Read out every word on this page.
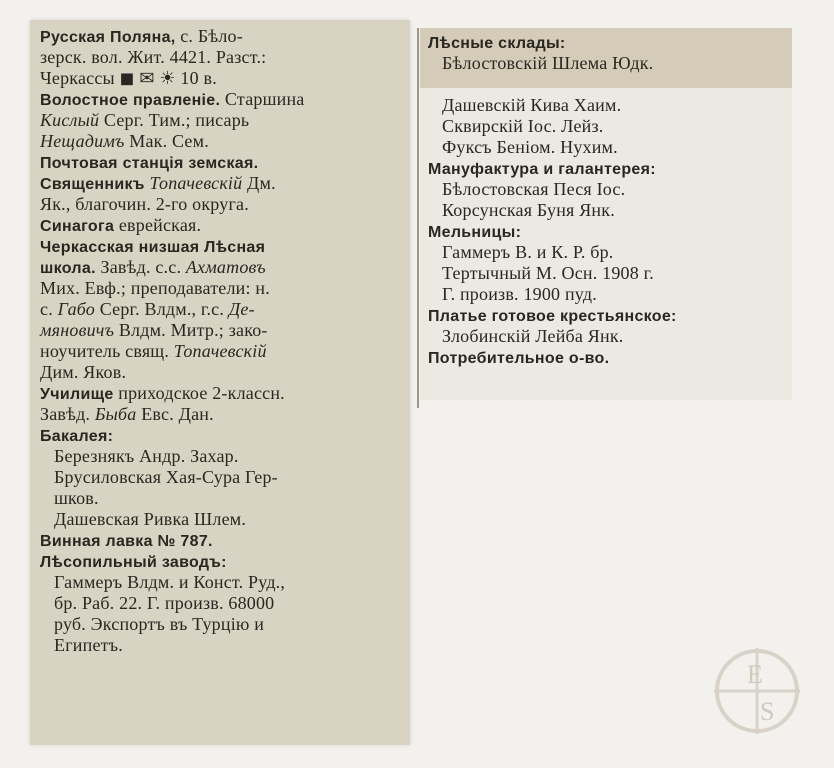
Русская Поляна, с. Бѣло-
зерск. вол. Жит. 4421. Разст.:
Черкассы ◼ ✉ ☀ 10 в.
Волостное правленіе. Старшина
Кислый Серг. Тим.; писарь
Нещадимъ Мак. Сем.
Почтовая станція земская.
Священникъ Топачевскій Дм.
Як., благочин. 2-го округа.
Синагога еврейская.
Черкасская низшая Лѣсная
школа. Завѣд. с.с. Ахматовъ
Мих. Евф.; преподаватели: н.
с. Габо Серг. Влдм., г.с. Де-
мяновичъ Влдм. Митр.; зако-
ноучитель свящ. Топачевскій
Дим. Яков.
Училище приходское 2-классн.
Завѣд. Быба Евс. Дан.
Бакалея:
Березнякъ Андр. Захар.
Брусиловская Хая-Сура Гер-
шков.
Дашевская Ривка Шлем.
Винная лавка № 787.
Лѣсопильный заводъ:
Гаммеръ Влдм. и Конст. Руд.,
бр. Раб. 22. Г. произв. 68000
руб. Экспортъ въ Турцію и
Египетъ.
Лѣсные склады:
Бѣлостовскій Шлема Юдк.
Дашевскій Кива Хаим.
Сквирскій Іос. Лейз.
Фуксъ Беніом. Нухим.
Мануфактура и галантерея:
Бѣлостовская Песя Іос.
Корсунская Буня Янк.
Мельницы:
Гаммеръ В. и К. Р. бр.
Тертычный М. Осн. 1908 г.
Г. произв. 1900 пуд.
Платье готовое крестьянское:
Злобинскій Лейба Янк.
Потребительное о-во.
E
S
